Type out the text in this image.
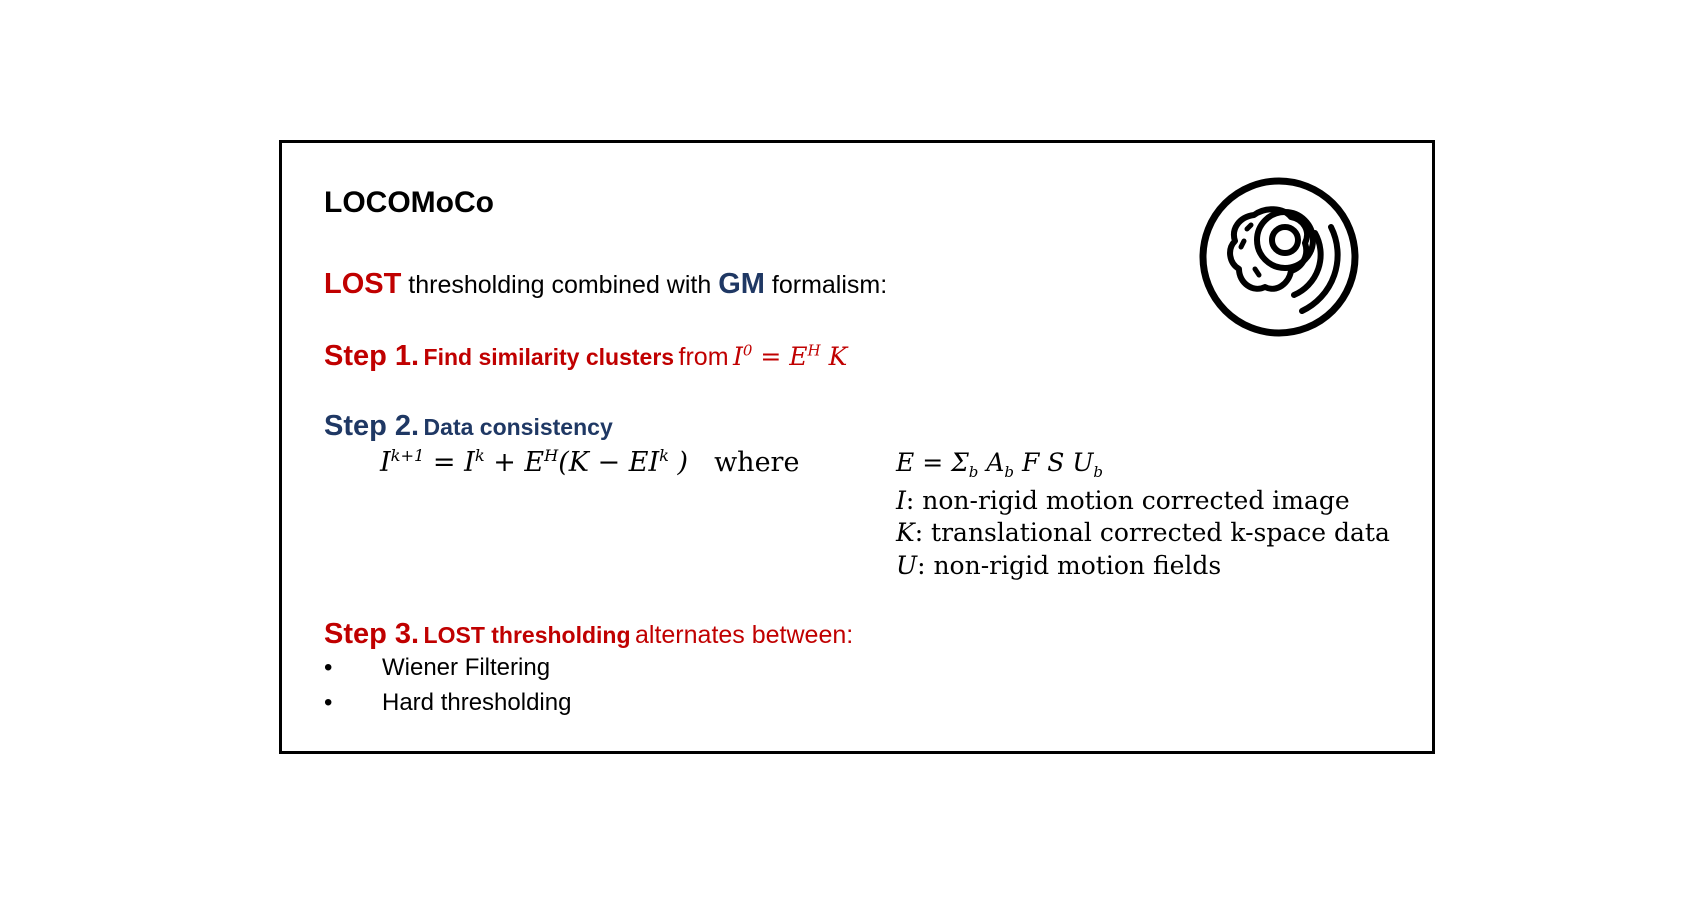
LOCOMoCo
LOST thresholding combined with GM formalism:
Step 1. Find similarity clusters from $I^0 = E^H$ K
Step 2. Data consistency
$I^{k+1} = I^k + E^H(K - EI^k$ ) where	$E = \Sigma_b$ $A_b$ F S $U_b$
I: non-rigid motion corrected image
K: translational corrected k-space data
U: non-rigid motion fields
Step 3. LOST thresholding alternates between:
•	Wiener Filtering
•	Hard thresholding
